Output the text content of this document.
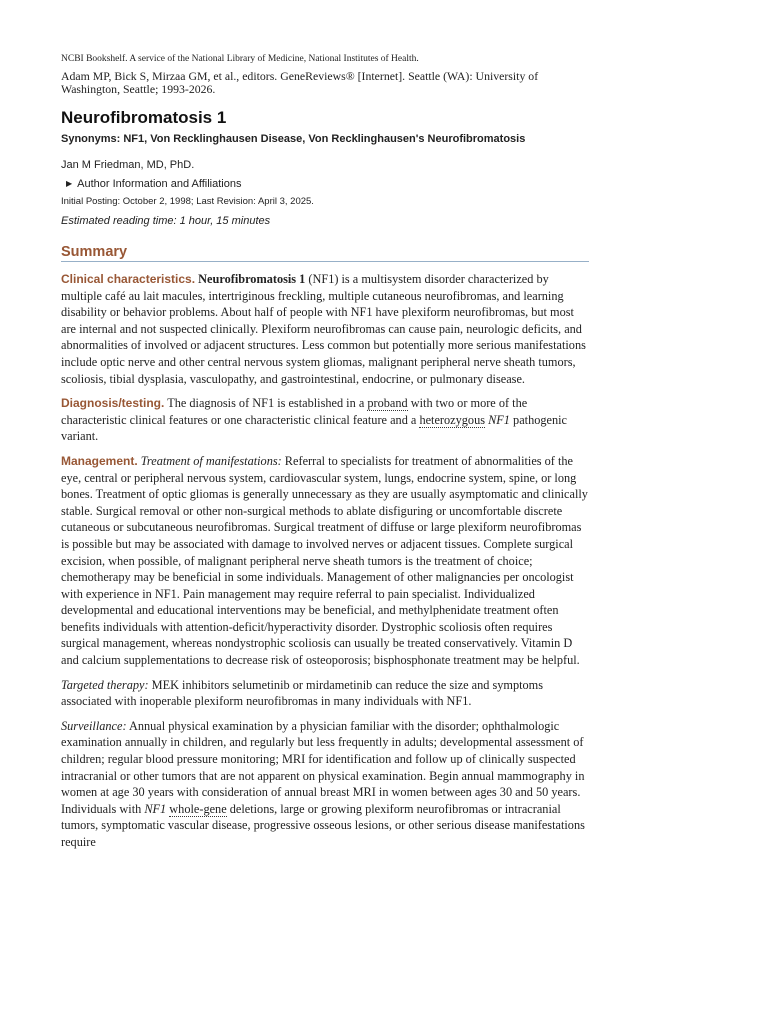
NCBI Bookshelf. A service of the National Library of Medicine, National Institutes of Health.

Adam MP, Bick S, Mirzaa GM, et al., editors. GeneReviews® [Internet]. Seattle (WA): University of Washington, Seattle; 1993-2026.

Neurofibromatosis 1

Synonyms: NF1, Von Recklinghausen Disease, Von Recklinghausen's Neurofibromatosis

Jan M Friedman, MD, PhD.

▶ Author Information and Affiliations

Initial Posting: October 2, 1998; Last Revision: April 3, 2025.

Estimated reading time: 1 hour, 15 minutes

Summary

Clinical characteristics. Neurofibromatosis 1 (NF1) is a multisystem disorder characterized by multiple café au lait macules, intertriginous freckling, multiple cutaneous neurofibromas, and learning disability or behavior problems. About half of people with NF1 have plexiform neurofibromas, but most are internal and not suspected clinically. Plexiform neurofibromas can cause pain, neurologic deficits, and abnormalities of involved or adjacent structures. Less common but potentially more serious manifestations include optic nerve and other central nervous system gliomas, malignant peripheral nerve sheath tumors, scoliosis, tibial dysplasia, vasculopathy, and gastrointestinal, endocrine, or pulmonary disease.

Diagnosis/testing. The diagnosis of NF1 is established in a proband with two or more of the characteristic clinical features or one characteristic clinical feature and a heterozygous NF1 pathogenic variant.

Management. Treatment of manifestations: Referral to specialists for treatment of abnormalities of the eye, central or peripheral nervous system, cardiovascular system, lungs, endocrine system, spine, or long bones. Treatment of optic gliomas is generally unnecessary as they are usually asymptomatic and clinically stable. Surgical removal or other non-surgical methods to ablate disfiguring or uncomfortable discrete cutaneous or subcutaneous neurofibromas. Surgical treatment of diffuse or large plexiform neurofibromas is possible but may be associated with damage to involved nerves or adjacent tissues. Complete surgical excision, when possible, of malignant peripheral nerve sheath tumors is the treatment of choice; chemotherapy may be beneficial in some individuals. Management of other malignancies per oncologist with experience in NF1. Pain management may require referral to pain specialist. Individualized developmental and educational interventions may be beneficial, and methylphenidate treatment often benefits individuals with attention-deficit/hyperactivity disorder. Dystrophic scoliosis often requires surgical management, whereas nondystrophic scoliosis can usually be treated conservatively. Vitamin D and calcium supplementations to decrease risk of osteoporosis; bisphosphonate treatment may be helpful.

Targeted therapy: MEK inhibitors selumetinib or mirdametinib can reduce the size and symptoms associated with inoperable plexiform neurofibromas in many individuals with NF1.

Surveillance: Annual physical examination by a physician familiar with the disorder; ophthalmologic examination annually in children, and regularly but less frequently in adults; developmental assessment of children; regular blood pressure monitoring; MRI for identification and follow up of clinically suspected intracranial or other tumors that are not apparent on physical examination. Begin annual mammography in women at age 30 years with consideration of annual breast MRI in women between ages 30 and 50 years. Individuals with NF1 whole-gene deletions, large or growing plexiform neurofibromas or intracranial tumors, symptomatic vascular disease, progressive osseous lesions, or other serious disease manifestations require
